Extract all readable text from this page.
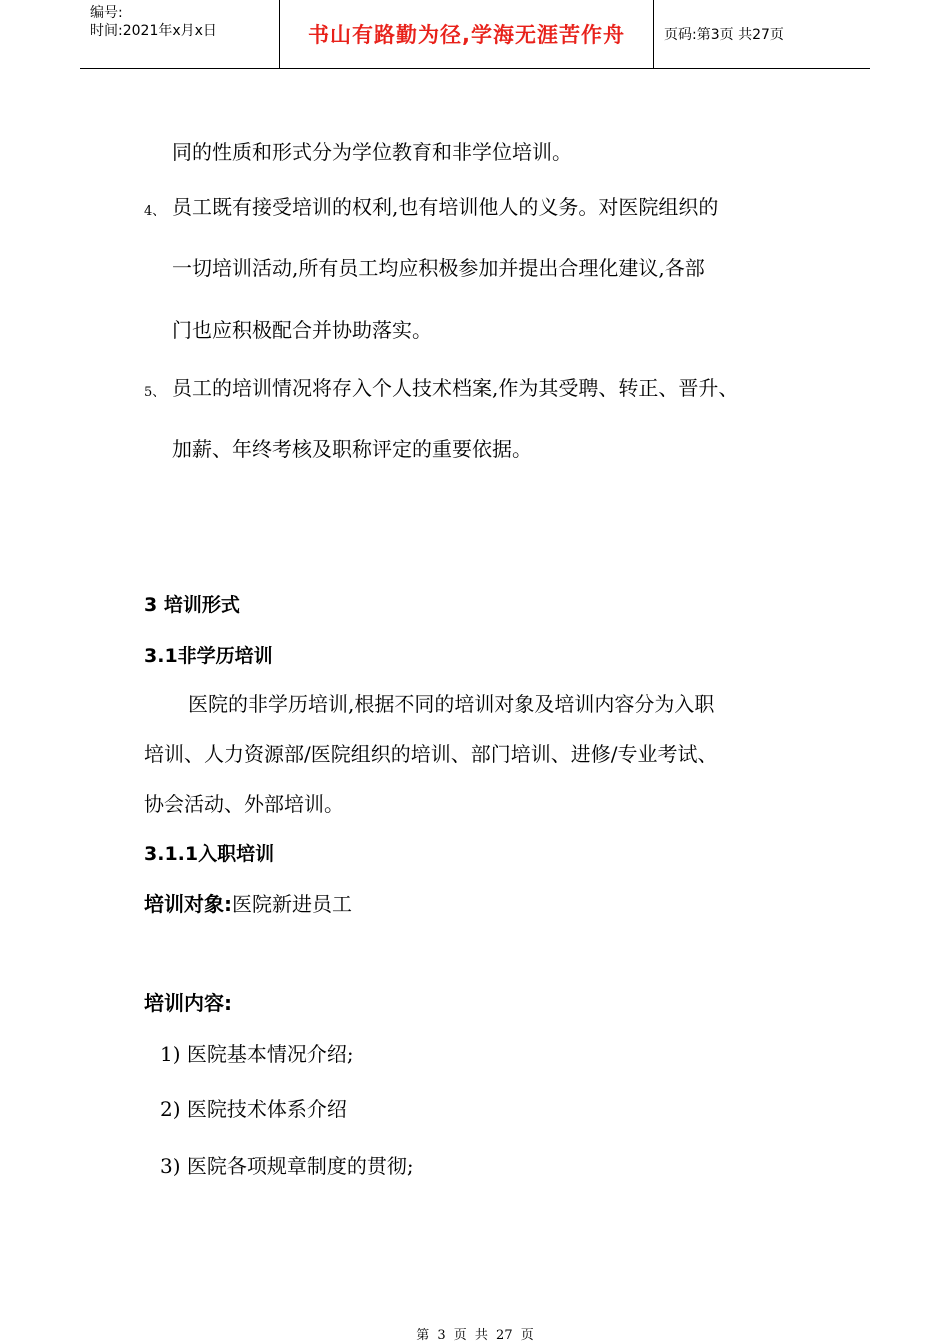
编号:
时间:2021年x月x日	书山有路勤为径,学海无涯苦作舟	页码:第3页 共27页
同的性质和形式分为学位教育和非学位培训。
4、 员工既有接受培训的权利,也有培训他人的义务。对医院组织的
一切培训活动,所有员工均应积极参加并提出合理化建议,各部
门也应积极配合并协助落实。
5、 员工的培训情况将存入个人技术档案,作为其受聘、转正、晋升、
加薪、年终考核及职称评定的重要依据。
3 培训形式
3.1非学历培训
医院的非学历培训,根据不同的培训对象及培训内容分为入职
培训、人力资源部/医院组织的培训、部门培训、进修/专业考试、
协会活动、外部培训。
3.1.1入职培训
培训对象:医院新进员工
培训内容:
1) 医院基本情况介绍;
2) 医院技术体系介绍
3) 医院各项规章制度的贯彻;
第 3 页 共 27 页
